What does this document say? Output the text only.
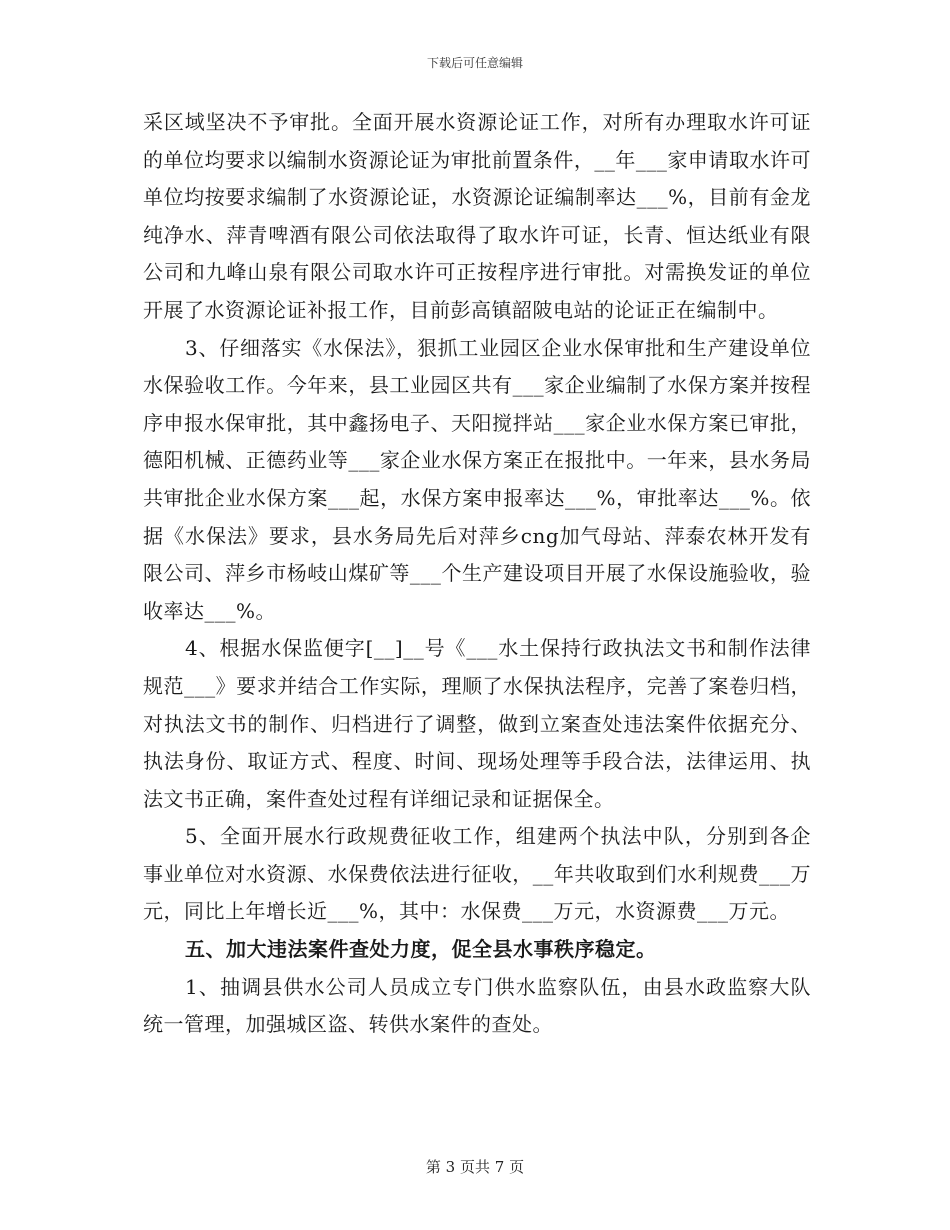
下载后可任意编辑

采区域坚决不予审批。全面开展水资源论证工作，对所有办理取水许可证的单位均要求以编制水资源论证为审批前置条件，__年___家申请取水许可单位均按要求编制了水资源论证，水资源论证编制率达___%，目前有金龙纯净水、萍青啤酒有限公司依法取得了取水许可证，长青、恒达纸业有限公司和九峰山泉有限公司取水许可正按程序进行审批。对需换发证的单位开展了水资源论证补报工作，目前彭高镇韶陂电站的论证正在编制中。

3、仔细落实《水保法》，狠抓工业园区企业水保审批和生产建设单位水保验收工作。今年来，县工业园区共有___家企业编制了水保方案并按程序申报水保审批，其中鑫扬电子、天阳搅拌站___家企业水保方案已审批，德阳机械、正德药业等___家企业水保方案正在报批中。一年来，县水务局共审批企业水保方案___起，水保方案申报率达___%，审批率达___%。依据《水保法》要求，县水务局先后对萍乡cng加气母站、萍泰农林开发有限公司、萍乡市杨岐山煤矿等___个生产建设项目开展了水保设施验收，验收率达___%。

4、根据水保监便字[__]__号《___水土保持行政执法文书和制作法律规范___》要求并结合工作实际，理顺了水保执法程序，完善了案卷归档，对执法文书的制作、归档进行了调整，做到立案查处违法案件依据充分、执法身份、取证方式、程度、时间、现场处理等手段合法，法律运用、执法文书正确，案件查处过程有详细记录和证据保全。

5、全面开展水行政规费征收工作，组建两个执法中队，分别到各企事业单位对水资源、水保费依法进行征收，__年共收取到们水利规费___万元，同比上年增长近___%，其中：水保费___万元，水资源费___万元。

五、加大违法案件查处力度，促全县水事秩序稳定。

1、抽调县供水公司人员成立专门供水监察队伍，由县水政监察大队统一管理，加强城区盗、转供水案件的查处。

第 3 页共 7 页
